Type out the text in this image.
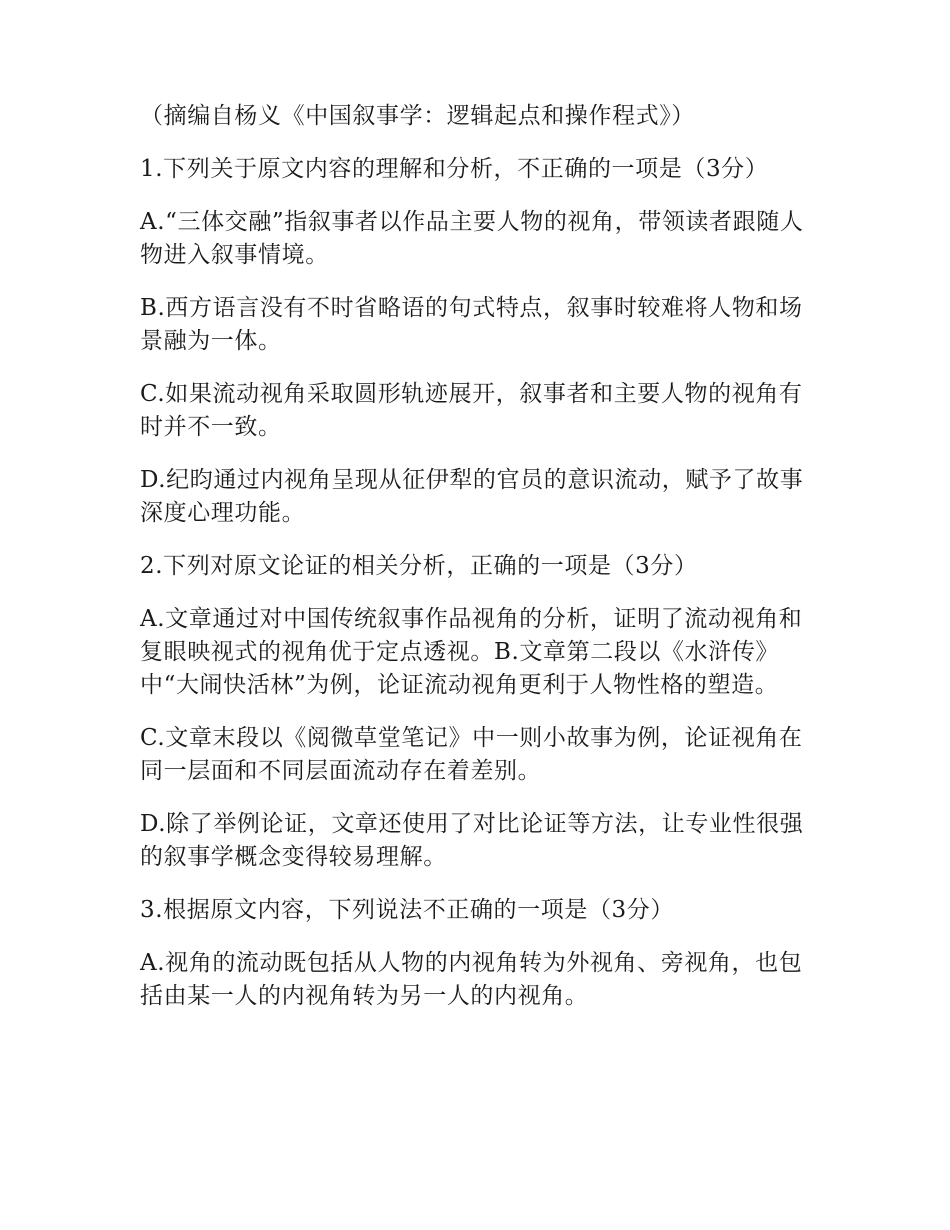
（摘编自杨义《中国叙事学：逻辑起点和操作程式》）

1.下列关于原文内容的理解和分析，不正确的一项是（3分）

A.“三体交融”指叙事者以作品主要人物的视角，带领读者跟随人物进入叙事情境。

B.西方语言没有不时省略语的句式特点，叙事时较难将人物和场景融为一体。

C.如果流动视角采取圆形轨迹展开，叙事者和主要人物的视角有时并不一致。

D.纪昀通过内视角呈现从征伊犁的官员的意识流动，赋予了故事深度心理功能。

2.下列对原文论证的相关分析，正确的一项是（3分）

A.文章通过对中国传统叙事作品视角的分析，证明了流动视角和复眼映视式的视角优于定点透视。B.文章第二段以《水浒传》中“大闹快活林”为例，论证流动视角更利于人物性格的塑造。

C.文章末段以《阅微草堂笔记》中一则小故事为例，论证视角在同一层面和不同层面流动存在着差别。

D.除了举例论证，文章还使用了对比论证等方法，让专业性很强的叙事学概念变得较易理解。

3.根据原文内容，下列说法不正确的一项是（3分）

A.视角的流动既包括从人物的内视角转为外视角、旁视角，也包括由某一人的内视角转为另一人的内视角。
